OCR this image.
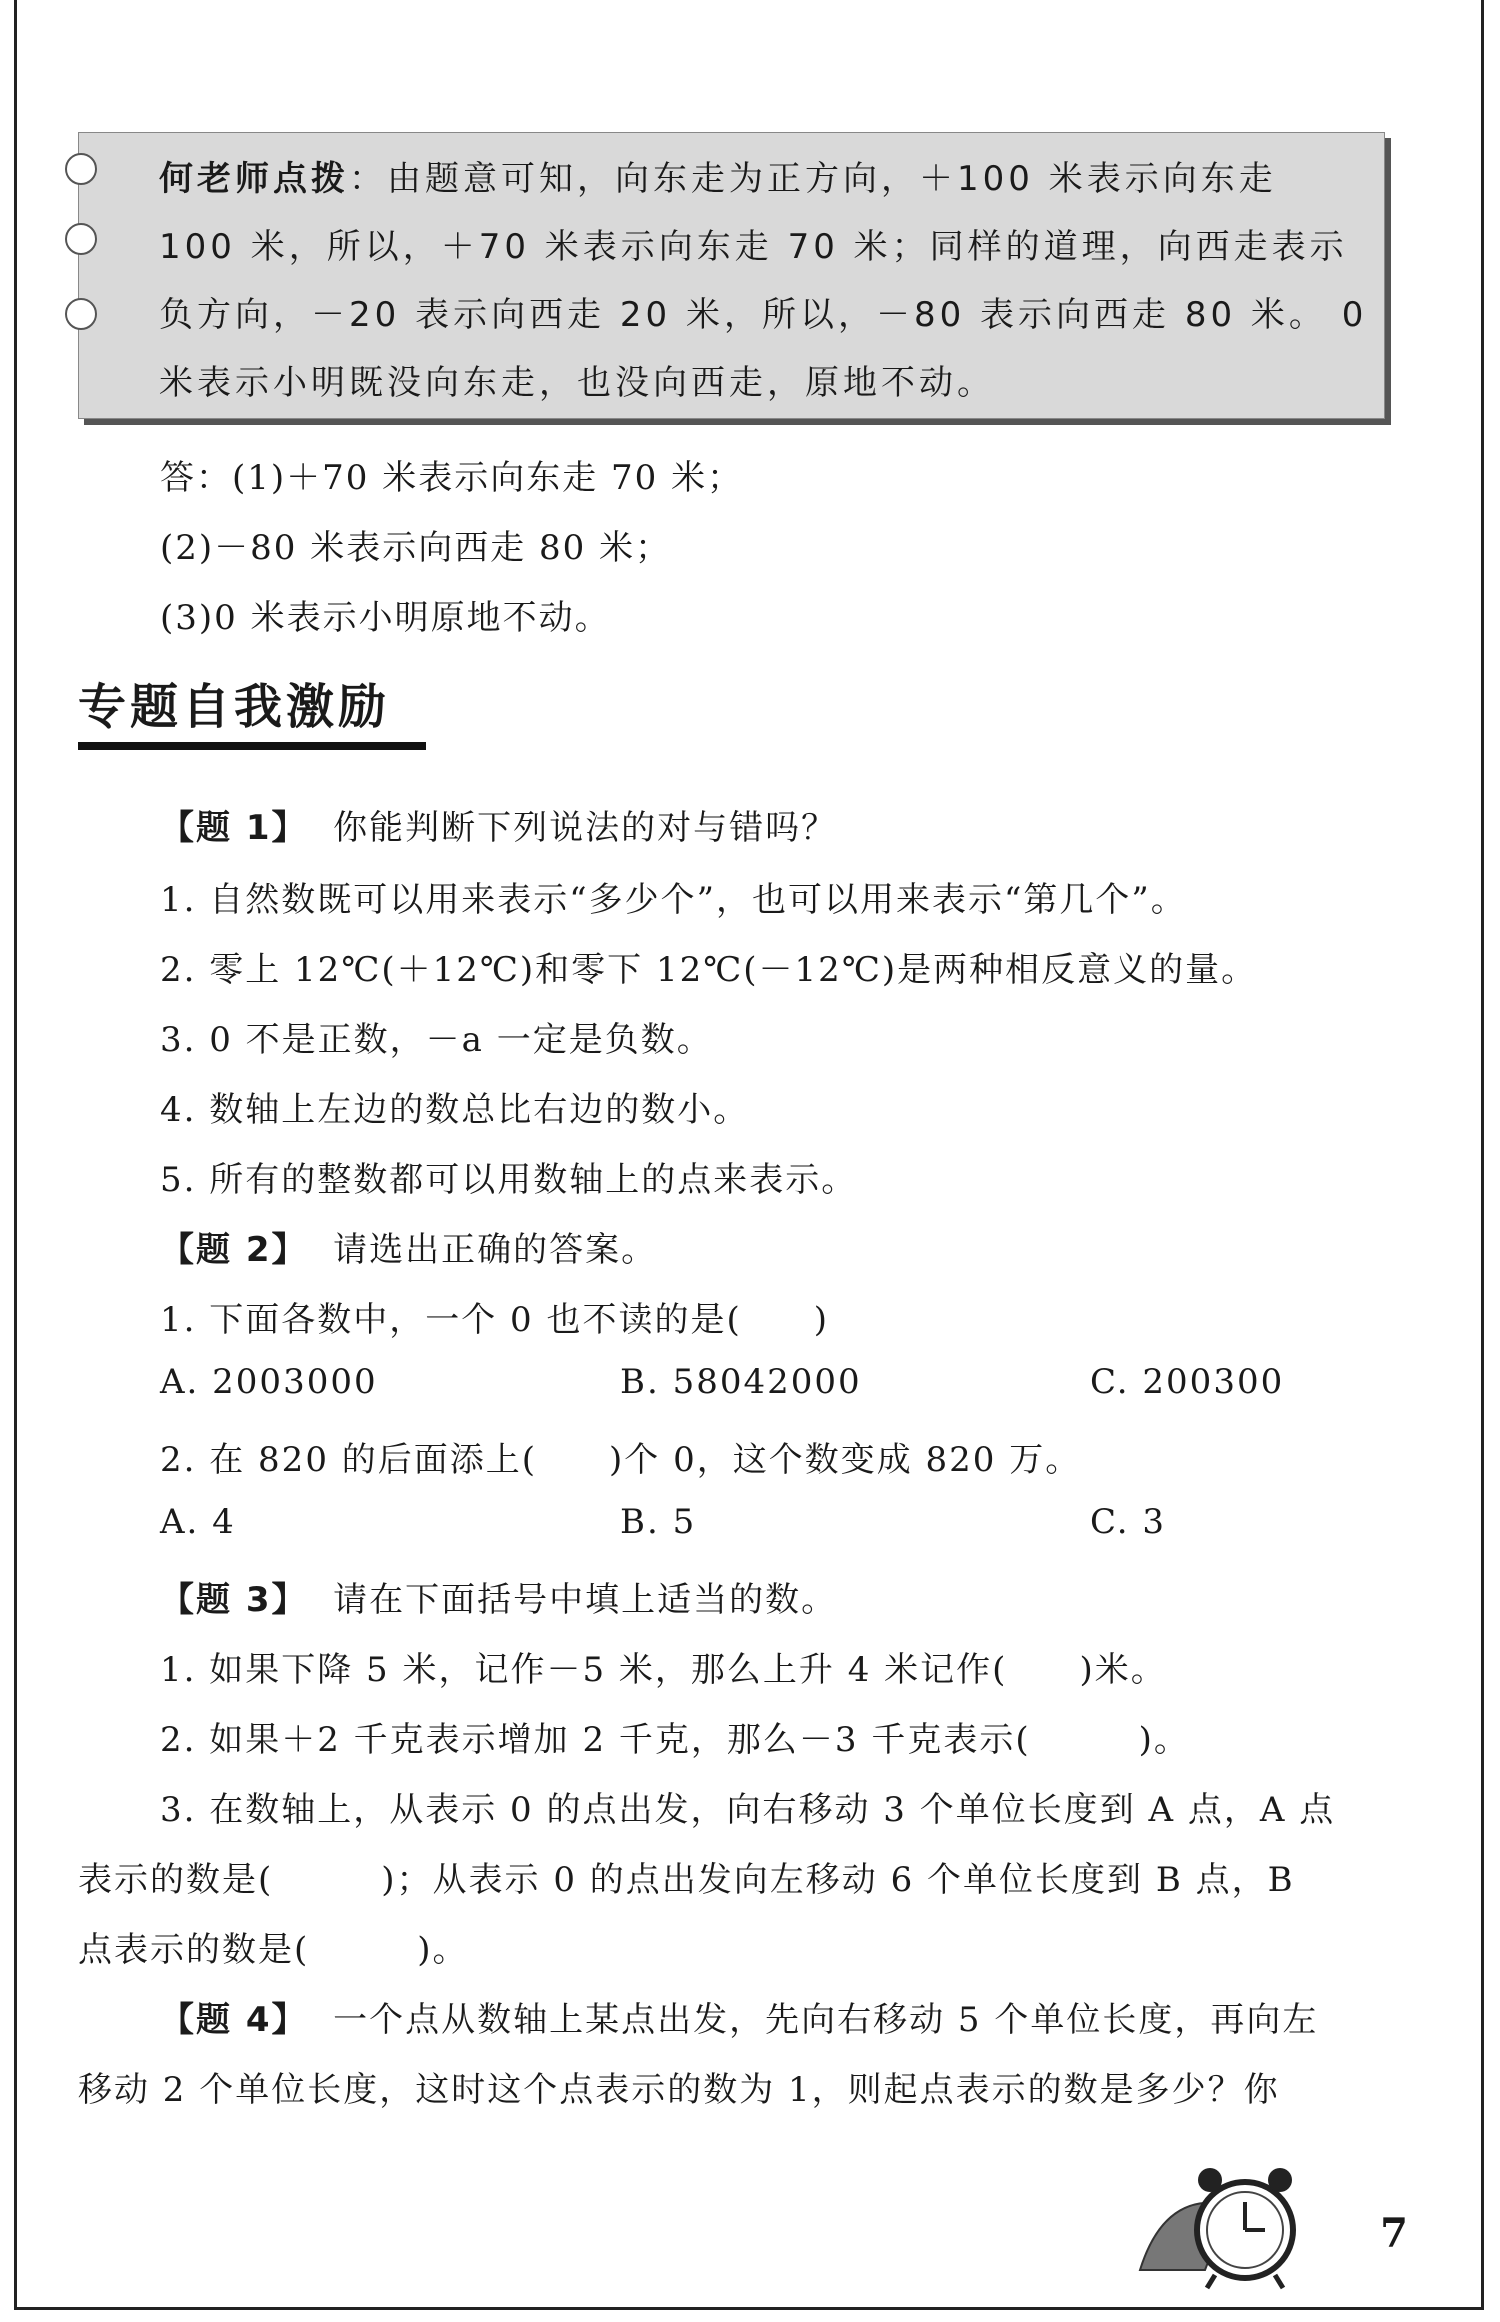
何老师点拨：由题意可知，向东走为正方向，＋100 米表示向东走
100 米，所以，＋70 米表示向东走 70 米；同样的道理，向西走表示
负方向，－20 表示向西走 20 米，所以，－80 表示向西走 80 米。 0
米表示小明既没向东走，也没向西走，原地不动。
答：(1)＋70 米表示向东走 70 米；
(2)－80 米表示向西走 80 米；
(3)0 米表示小明原地不动。
专题自我激励
【题 1】 你能判断下列说法的对与错吗？
1. 自然数既可以用来表示“多少个”，也可以用来表示“第几个”。
2. 零上 12℃(＋12℃)和零下 12℃(－12℃)是两种相反意义的量。
3. 0 不是正数，－a 一定是负数。
4. 数轴上左边的数总比右边的数小。
5. 所有的整数都可以用数轴上的点来表示。
【题 2】 请选出正确的答案。
1. 下面各数中，一个 0 也不读的是(　　)
A. 2003000	B. 58042000	C. 200300
2. 在 820 的后面添上(　　)个 0，这个数变成 820 万。
A. 4	B. 5	C. 3
【题 3】 请在下面括号中填上适当的数。
1. 如果下降 5 米，记作－5 米，那么上升 4 米记作(　　)米。
2. 如果＋2 千克表示增加 2 千克，那么－3 千克表示(　　　)。
3. 在数轴上，从表示 0 的点出发，向右移动 3 个单位长度到 A 点，A 点
表示的数是(　　　)；从表示 0 的点出发向左移动 6 个单位长度到 B 点，B
点表示的数是(　　　)。
【题 4】 一个点从数轴上某点出发，先向右移动 5 个单位长度，再向左
移动 2 个单位长度，这时这个点表示的数为 1，则起点表示的数是多少？你
7
